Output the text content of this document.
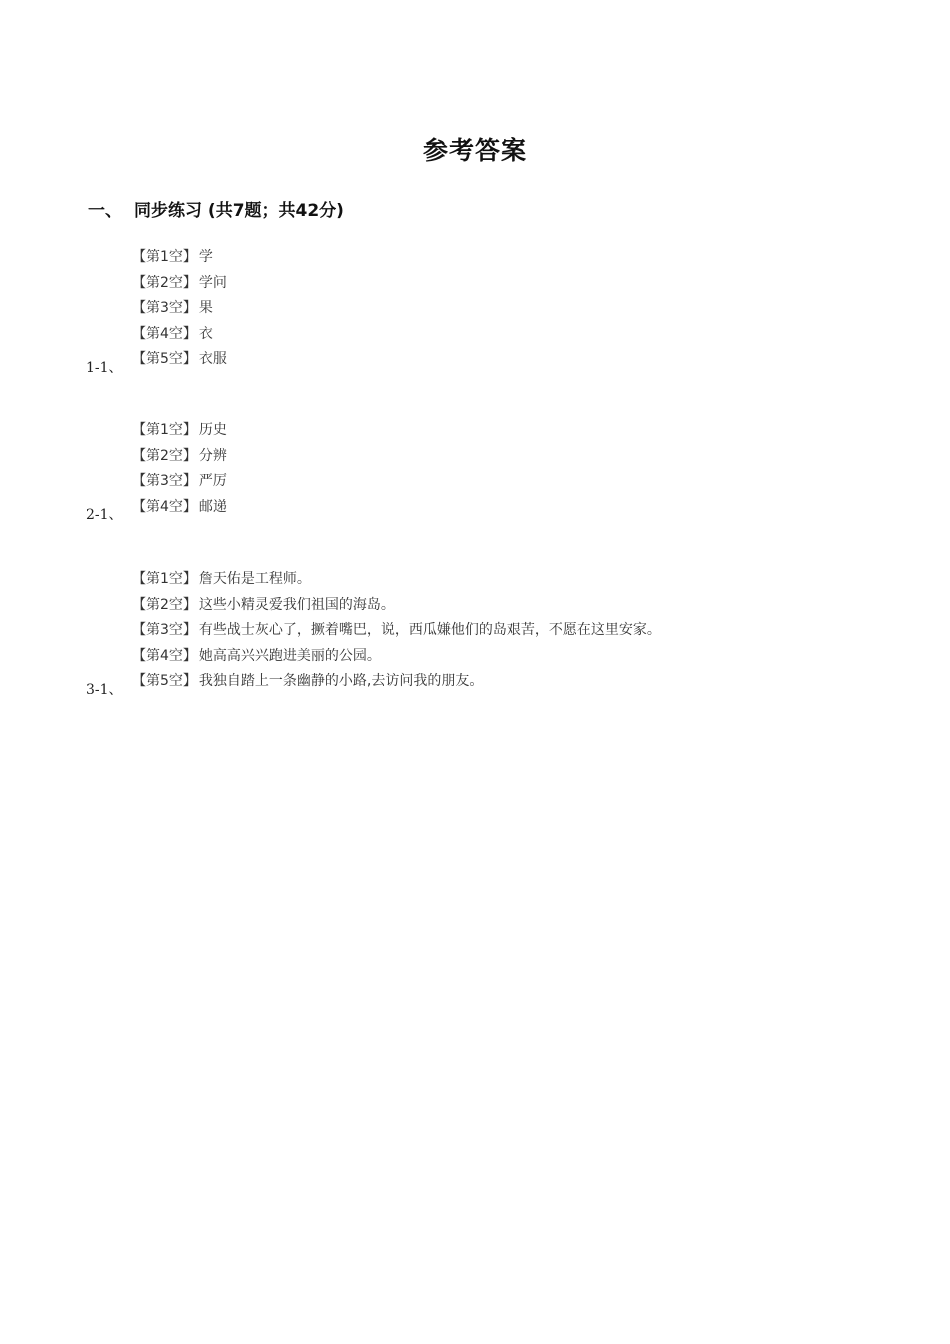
参考答案
一、 同步练习 (共7题；共42分)
【第1空】 学
【第2空】 学问
【第3空】 果
【第4空】 衣
【第5空】 衣服
1-1、
【第1空】 历史
【第2空】 分辨
【第3空】 严厉
【第4空】 邮递
2-1、
【第1空】 詹天佑是工程师。
【第2空】 这些小精灵爱我们祖国的海岛。
【第3空】 有些战士灰心了，撅着嘴巴，说，西瓜嫌他们的岛艰苦，不愿在这里安家。
【第4空】 她高高兴兴跑进美丽的公园。
【第5空】 我独自踏上一条幽静的小路,去访问我的朋友。
3-1、
